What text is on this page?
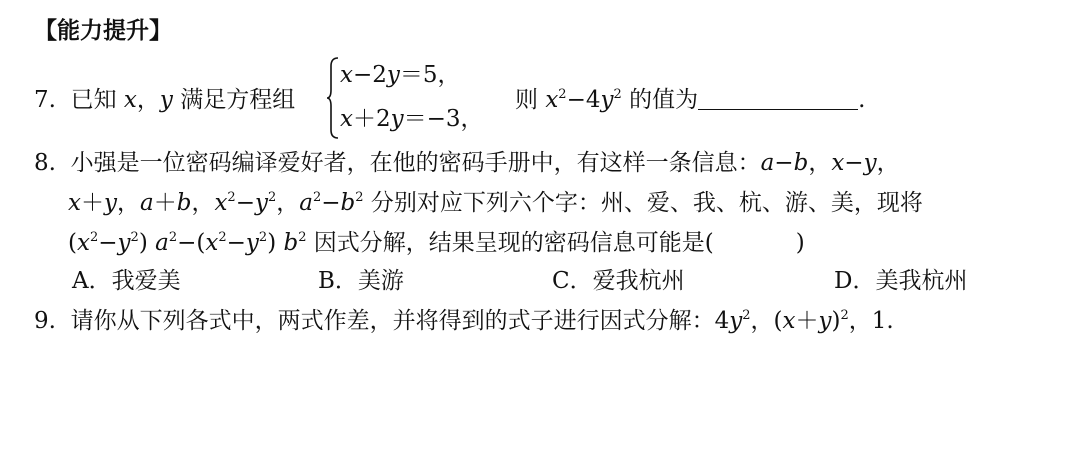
【能力提升】
7. 已知 x，y 满足方程组
x−2y＝5，
x＋2y＝−3，
则 $x^2-4y^2$ 的值为	.
8.  小强是一位密码编译爱好者，在他的密码手册中，有这样一条信息：a−b，x−y，
x＋y，a＋b，$x^2-y^2$，$a^2-b^2$ 分别对应下列六个字：州、爱、我、杭、游、美，现将
$(x^2-y^2)$ $a^2-(x^2-y^2)$ $b^2$ 因式分解，结果呈现的密码信息可能是(	)
A．我爱美	B．美游	C．爱我杭州	D．美我杭州
9.  请你从下列各式中，两式作差，并将得到的式子进行因式分解：$4y^2$，$(x+y)^2$，1.
